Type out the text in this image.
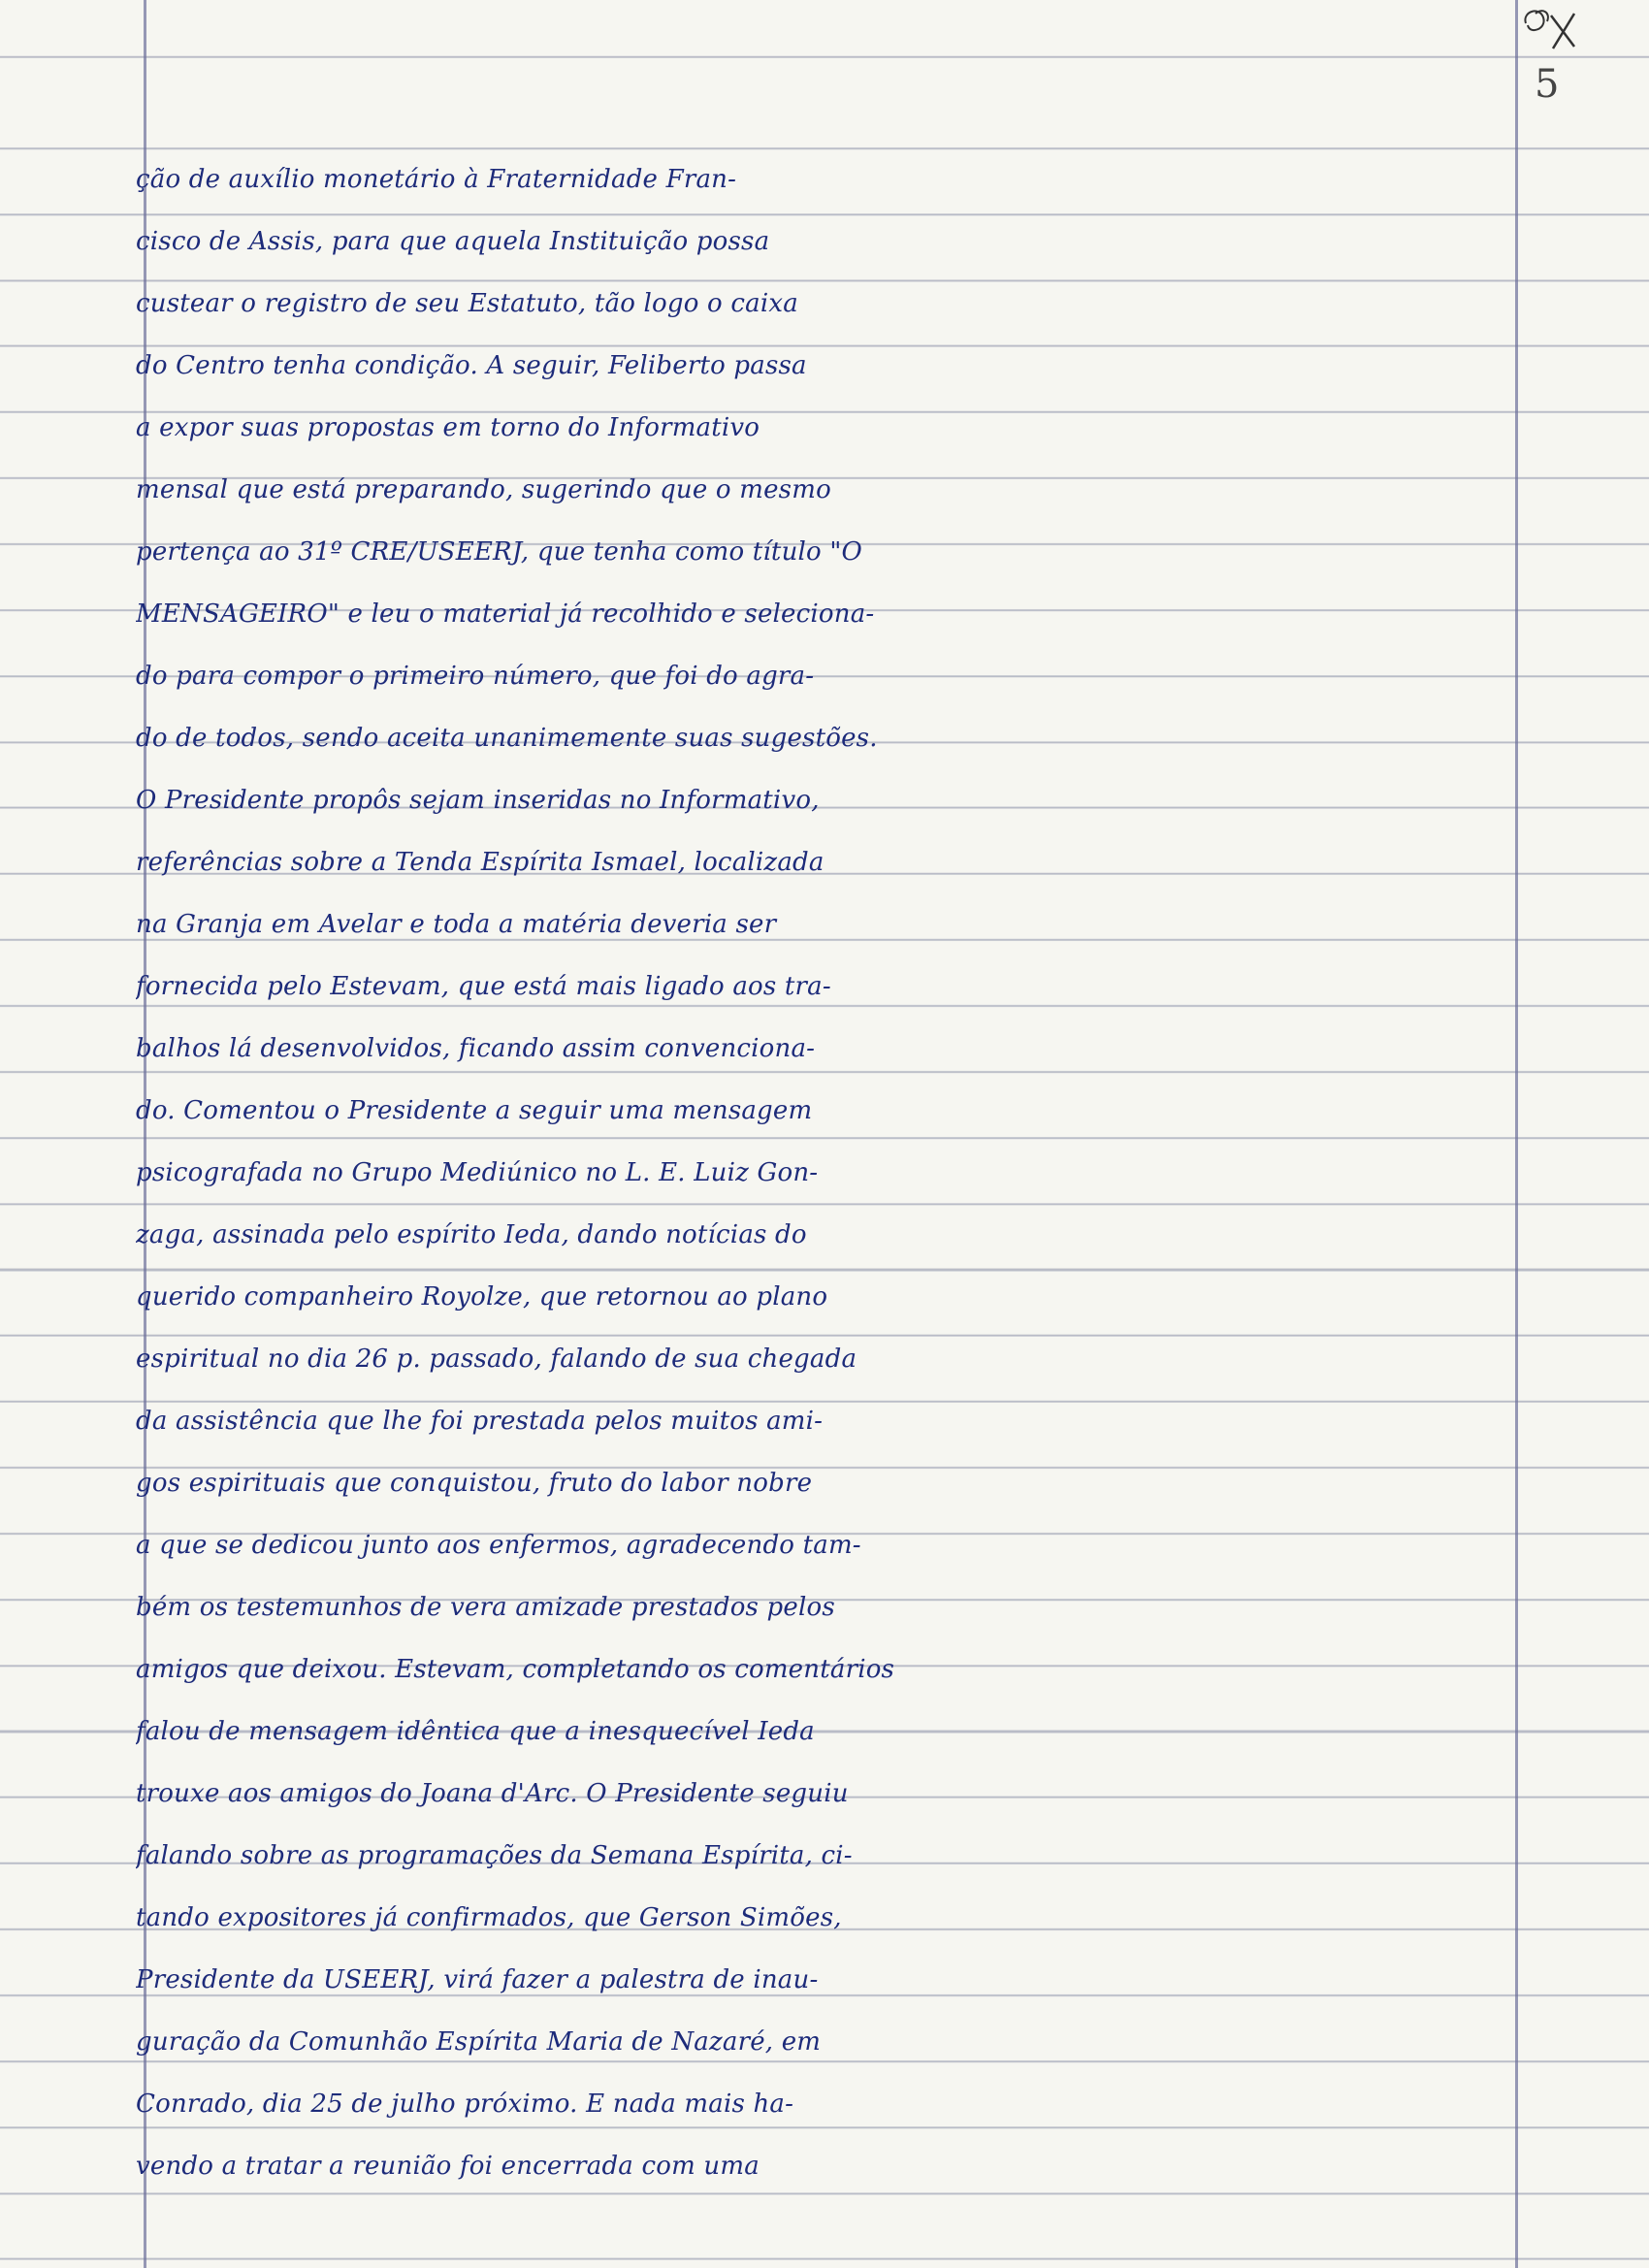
5
ção de auxílio monetário à Fraternidade Fran-
cisco de Assis, para que aquela Instituição possa
custear o registro de seu Estatuto, tão logo o caixa
do Centro tenha condição. A seguir, Feliberto passa
a expor suas propostas em torno do Informativo
mensal que está preparando, sugerindo que o mesmo
pertença ao 31º CRE/USEERJ, que tenha como título "O
MENSAGEIRO" e leu o material já recolhido e seleciona-
do para compor o primeiro número, que foi do agra-
do de todos, sendo aceita unanimemente suas sugestões.
O Presidente propôs sejam inseridas no Informativo,
referências sobre a Tenda Espírita Ismael, localizada
na Granja em Avelar e toda a matéria deveria ser
fornecida pelo Estevam, que está mais ligado aos tra-
balhos lá desenvolvidos, ficando assim convenciona-
do. Comentou o Presidente a seguir uma mensagem
psicografada no Grupo Mediúnico no L. E. Luiz Gon-
zaga, assinada pelo espírito Ieda, dando notícias do
querido companheiro Royolze, que retornou ao plano
espiritual no dia 26 p. passado, falando de sua chegada
da assistência que lhe foi prestada pelos muitos ami-
gos espirituais que conquistou, fruto do labor nobre
a que se dedicou junto aos enfermos, agradecendo tam-
bém os testemunhos de vera amizade prestados pelos
amigos que deixou. Estevam, completando os comentários
falou de mensagem idêntica que a inesquecível Ieda
trouxe aos amigos do Joana d'Arc. O Presidente seguiu
falando sobre as programações da Semana Espírita, ci-
tando expositores já confirmados, que Gerson Simões,
Presidente da USEERJ, virá fazer a palestra de inau-
guração da Comunhão Espírita Maria de Nazaré, em
Conrado, dia 25 de julho próximo. E nada mais ha-
vendo a tratar a reunião foi encerrada com uma
